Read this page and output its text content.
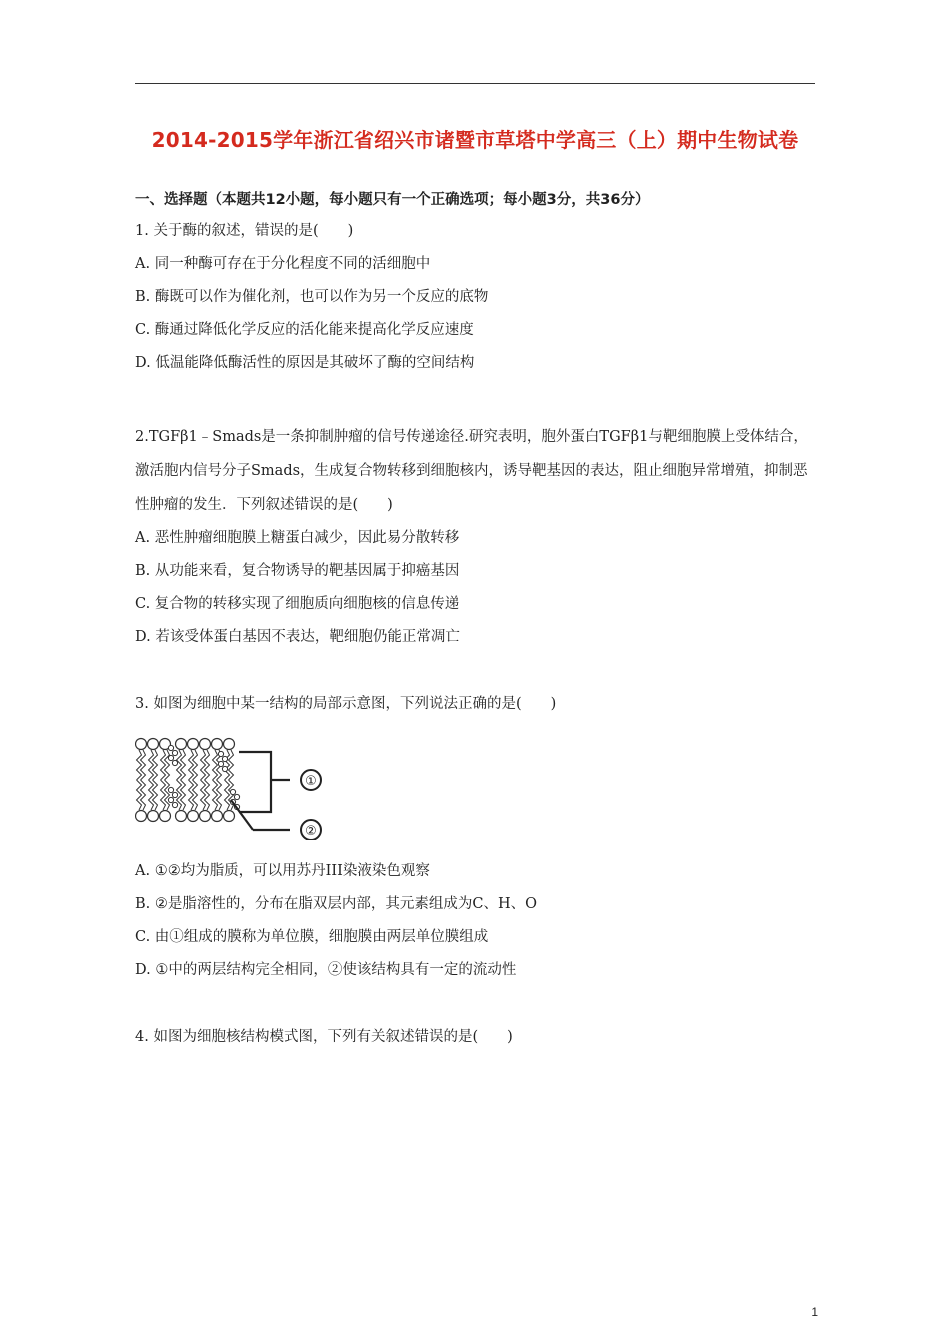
2014-2015学年浙江省绍兴市诸暨市草塔中学高三（上）期中生物试卷
一、选择题（本题共12小题，每小题只有一个正确选项；每小题3分，共36分）
1. 关于酶的叙述，错误的是(　　)
A. 同一种酶可存在于分化程度不同的活细胞中
B. 酶既可以作为催化剂，也可以作为另一个反应的底物
C. 酶通过降低化学反应的活化能来提高化学反应速度
D. 低温能降低酶活性的原因是其破坏了酶的空间结构
2.TGFβ1﹣Smads是一条抑制肿瘤的信号传递途径.研究表明，胞外蛋白TGFβ1与靶细胞膜上受体结合，激活胞内信号分子Smads，生成复合物转移到细胞核内，诱导靶基因的表达，阻止细胞异常增殖，抑制恶性肿瘤的发生．下列叙述错误的是(　　)
A. 恶性肿瘤细胞膜上糖蛋白减少，因此易分散转移
B. 从功能来看，复合物诱导的靶基因属于抑癌基因
C. 复合物的转移实现了细胞质向细胞核的信息传递
D. 若该受体蛋白基因不表达，靶细胞仍能正常凋亡
3. 如图为细胞中某一结构的局部示意图，下列说法正确的是(　　)
①
②
A. ①②均为脂质，可以用苏丹III染液染色观察
B. ②是脂溶性的，分布在脂双层内部，其元素组成为C、H、O
C. 由①组成的膜称为单位膜，细胞膜由两层单位膜组成
D. ①中的两层结构完全相同，②使该结构具有一定的流动性
4. 如图为细胞核结构模式图，下列有关叙述错误的是(　　)
1
